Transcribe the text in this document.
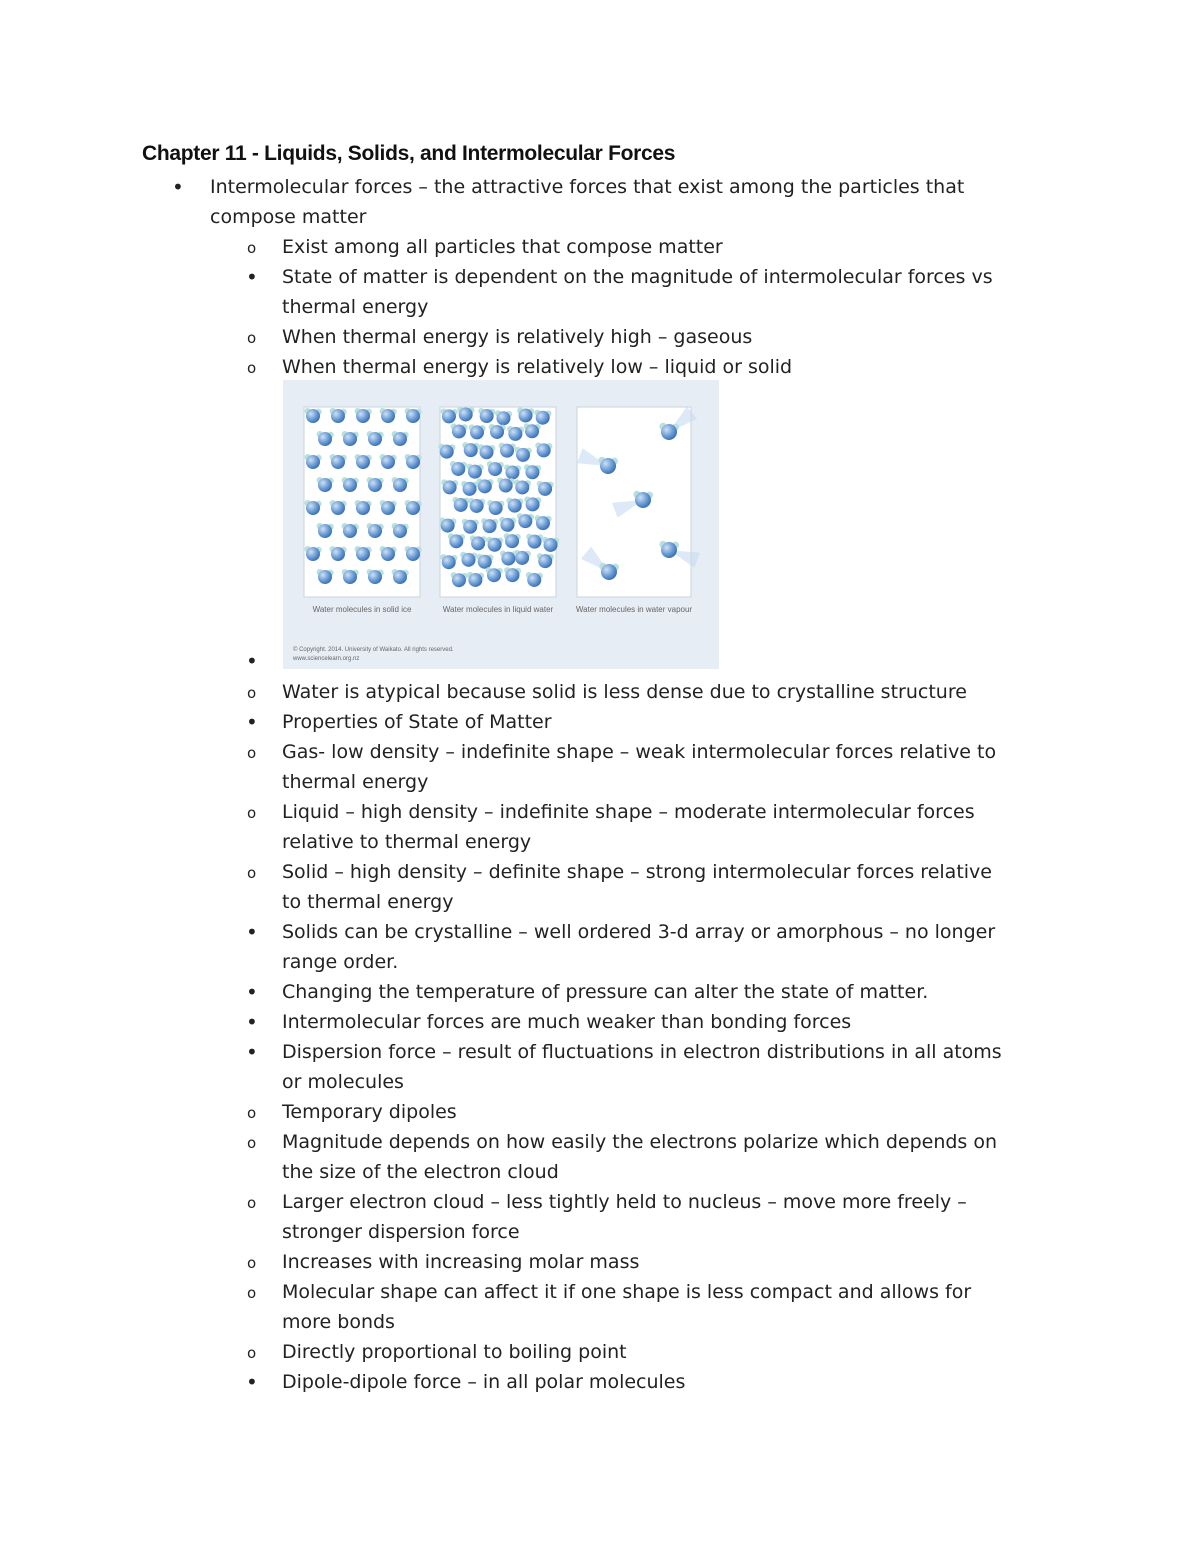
Chapter 11 - Liquids, Solids, and Intermolecular Forces
• Intermolecular forces – the attractive forces that exist among the particles that
compose matter
o Exist among all particles that compose matter
• State of matter is dependent on the magnitude of intermolecular forces vs
thermal energy
o When thermal energy is relatively high – gaseous
o When thermal energy is relatively low – liquid or solid
Water molecules in solid ice	Water molecules in liquid water	Water molecules in water vapour
© Copyright. 2014. University of Waikato. All rights reserved.
www.sciencelearn.org.nz
•
o Water is atypical because solid is less dense due to crystalline structure
• Properties of State of Matter
o Gas- low density – indefinite shape – weak intermolecular forces relative to
thermal energy
o Liquid – high density – indefinite shape – moderate intermolecular forces
relative to thermal energy
o Solid – high density – definite shape – strong intermolecular forces relative
to thermal energy
• Solids can be crystalline – well ordered 3-d array or amorphous – no longer
range order.
• Changing the temperature of pressure can alter the state of matter.
• Intermolecular forces are much weaker than bonding forces
• Dispersion force – result of fluctuations in electron distributions in all atoms
or molecules
o Temporary dipoles
o Magnitude depends on how easily the electrons polarize which depends on
the size of the electron cloud
o Larger electron cloud – less tightly held to nucleus – move more freely –
stronger dispersion force
o Increases with increasing molar mass
o Molecular shape can affect it if one shape is less compact and allows for
more bonds
o Directly proportional to boiling point
• Dipole-dipole force – in all polar molecules
